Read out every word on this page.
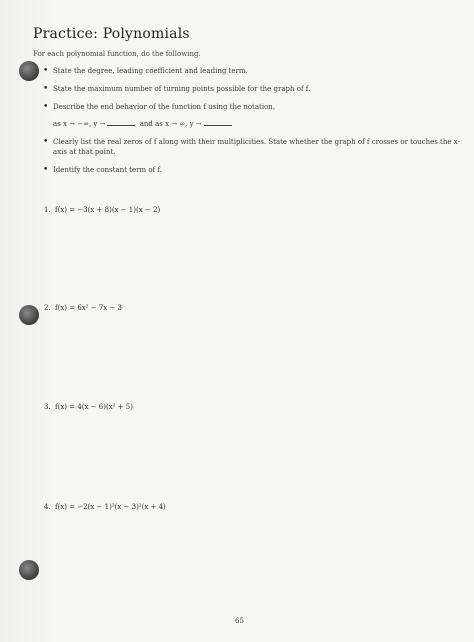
Practice: Polynomials
For each polynomial function, do the following.
• State the degree, leading coefficient and leading term.
• State the maximum number of turning points possible for the graph of f.
• Describe the end behavior of the function f using the notation,
as x → −∞, y →	and as x → ∞, y →
• Clearly list the real zeros of f along with their multiplicities. State whether the graph of f crosses or touches the x-axis at that point.
• Identify the constant term of f.
1. f(x) = −3(x + 8)(x − 1)(x − 2)
2. f(x) = 6x² − 7x − 3
3. f(x) = 4(x − 6)(x² + 5)
4. f(x) = −2(x − 1)³(x − 3)²(x + 4)
65
